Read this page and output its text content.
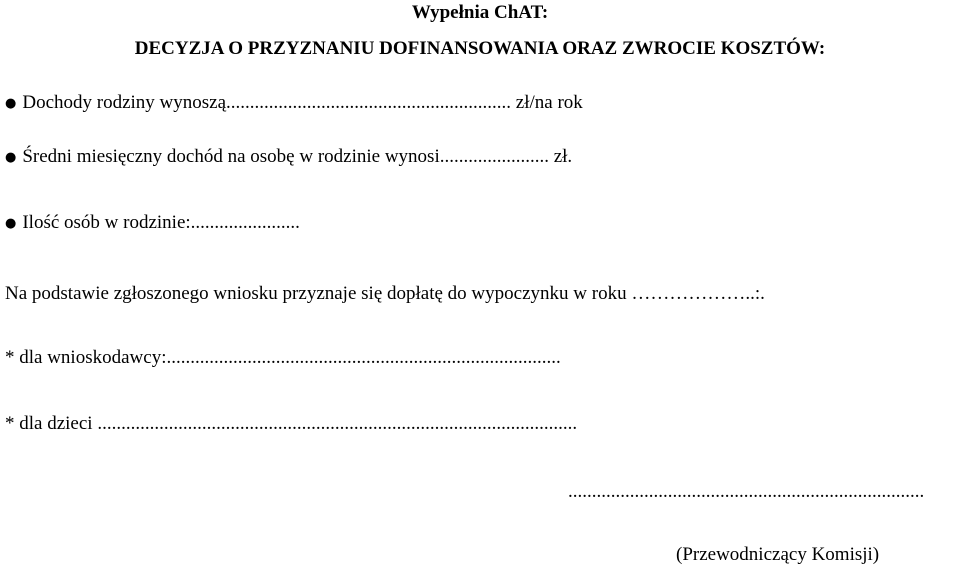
Wypełnia ChAT:
DECYZJA O PRZYZNANIU DOFINANSOWANIA ORAZ ZWROCIE KOSZTÓW:
● Dochody rodziny wynoszą............................................................ zł/na rok
● Średni miesięczny dochód na osobę w rodzinie wynosi....................... zł.
● Ilość osób w rodzinie:.......................
Na podstawie zgłoszonego wniosku przyznaje się dopłatę do wypoczynku w roku ………………..:.
* dla wnioskodawcy:...................................................................................
* dla dzieci .....................................................................................................
...........................................................................
(Przewodniczący Komisji)
